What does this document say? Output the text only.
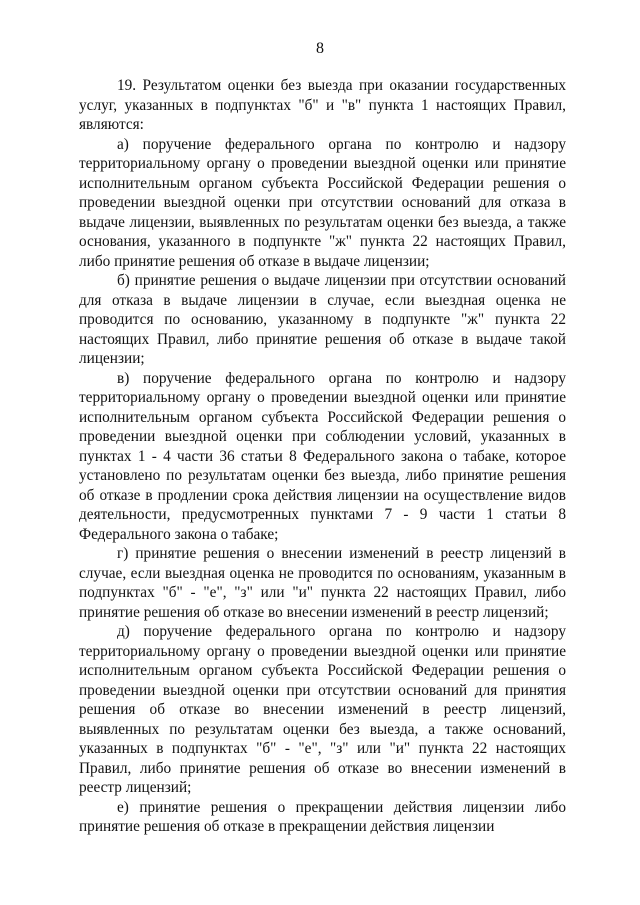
8

19. Результатом оценки без выезда при оказании государственных услуг, указанных в подпунктах "б" и "в" пункта 1 настоящих Правил, являются:

а) поручение федерального органа по контролю и надзору территориальному органу о проведении выездной оценки или принятие исполнительным органом субъекта Российской Федерации решения о проведении выездной оценки при отсутствии оснований для отказа в выдаче лицензии, выявленных по результатам оценки без выезда, а также основания, указанного в подпункте "ж" пункта 22 настоящих Правил, либо принятие решения об отказе в выдаче лицензии;

б) принятие решения о выдаче лицензии при отсутствии оснований для отказа в выдаче лицензии в случае, если выездная оценка не проводится по основанию, указанному в подпункте "ж" пункта 22 настоящих Правил, либо принятие решения об отказе в выдаче такой лицензии;

в) поручение федерального органа по контролю и надзору территориальному органу о проведении выездной оценки или принятие исполнительным органом субъекта Российской Федерации решения о проведении выездной оценки при соблюдении условий, указанных в пунктах 1 - 4 части 36 статьи 8 Федерального закона о табаке, которое установлено по результатам оценки без выезда, либо принятие решения об отказе в продлении срока действия лицензии на осуществление видов деятельности, предусмотренных пунктами 7 - 9 части 1 статьи 8 Федерального закона о табаке;

г) принятие решения о внесении изменений в реестр лицензий в случае, если выездная оценка не проводится по основаниям, указанным в подпунктах "б" - "е", "з" или "и" пункта 22 настоящих Правил, либо принятие решения об отказе во внесении изменений в реестр лицензий;

д) поручение федерального органа по контролю и надзору территориальному органу о проведении выездной оценки или принятие исполнительным органом субъекта Российской Федерации решения о проведении выездной оценки при отсутствии оснований для принятия решения об отказе во внесении изменений в реестр лицензий, выявленных по результатам оценки без выезда, а также оснований, указанных в подпунктах "б" - "е", "з" или "и" пункта 22 настоящих Правил, либо принятие решения об отказе во внесении изменений в реестр лицензий;

е) принятие решения о прекращении действия лицензии либо принятие решения об отказе в прекращении действия лицензии
